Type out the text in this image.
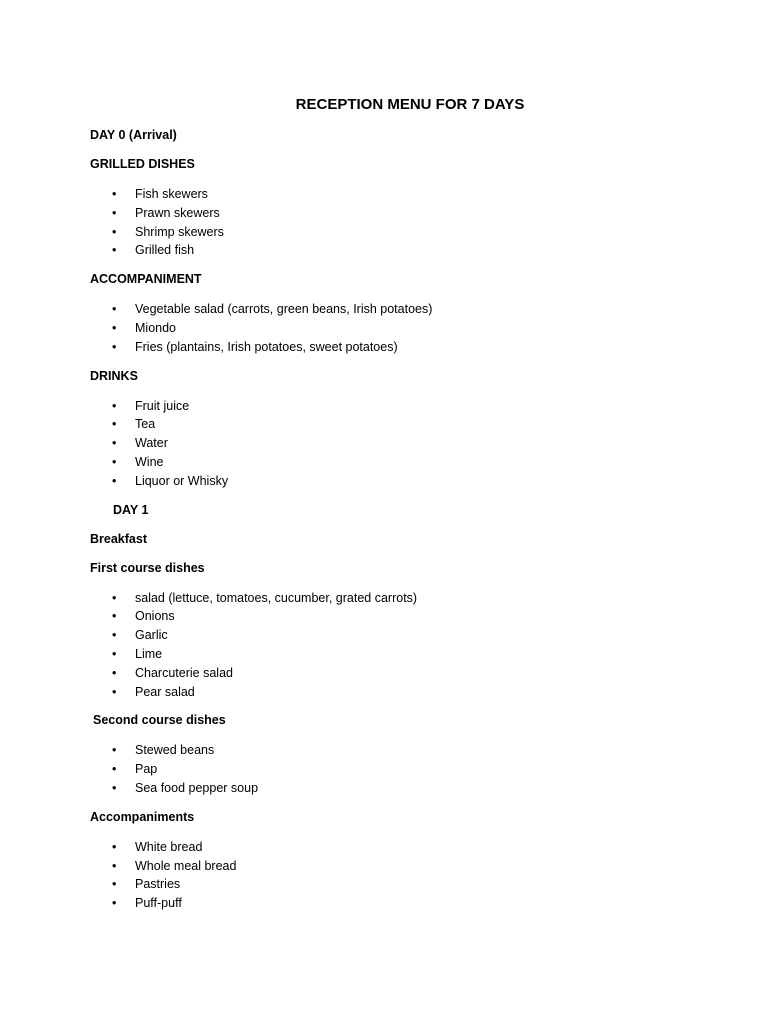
RECEPTION MENU FOR 7 DAYS
DAY 0 (Arrival)
GRILLED DISHES
• Fish skewers
• Prawn skewers
• Shrimp skewers
• Grilled fish
ACCOMPANIMENT
• Vegetable salad (carrots, green beans, Irish potatoes)
• Miondo
• Fries (plantains, Irish potatoes, sweet potatoes)
DRINKS
• Fruit juice
• Tea
• Water
• Wine
• Liquor or Whisky
DAY 1
Breakfast
First course dishes
• salad (lettuce, tomatoes, cucumber, grated carrots)
• Onions
• Garlic
• Lime
• Charcuterie salad
• Pear salad
Second course dishes
• Stewed beans
• Pap
• Sea food pepper soup
Accompaniments
• White bread
• Whole meal bread
• Pastries
• Puff-puff
